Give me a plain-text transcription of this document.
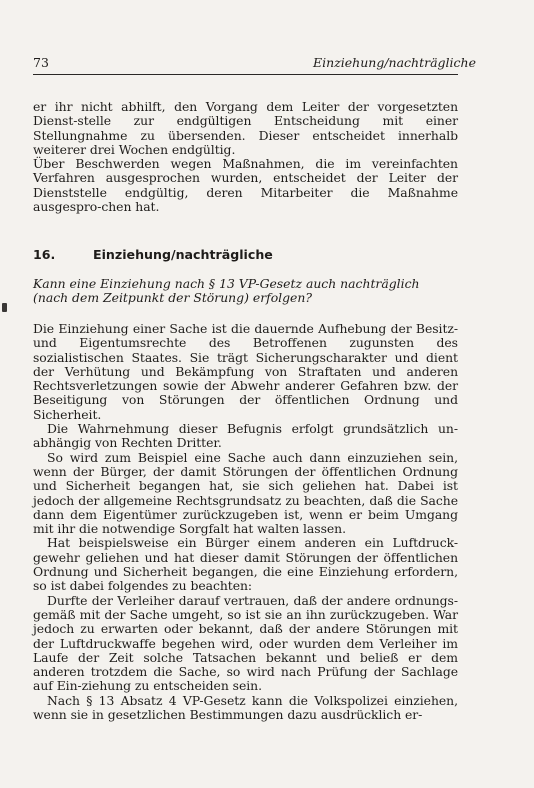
73	Einziehung/nachträgliche

er ihr nicht abhilft, den Vorgang dem Leiter der vorgesetzten Dienst-stelle zur endgültigen Entscheidung mit einer Stellungnahme zu übersenden. Dieser entscheidet innerhalb weiterer drei Wochen endgültig.

Über Beschwerden wegen Maßnahmen, die im vereinfachten Verfahren ausgesprochen wurden, entscheidet der Leiter der Dienststelle endgültig, deren Mitarbeiter die Maßnahme ausgespro-chen hat.

16.	Einziehung/nachträgliche
Kann eine Einziehung nach § 13 VP-Gesetz auch nachträglich (nach dem Zeitpunkt der Störung) erfolgen?

Die Einziehung einer Sache ist die dauernde Aufhebung der Besitz- und Eigentumsrechte des Betroffenen zugunsten des sozialistischen Staates. Sie trägt Sicherungscharakter und dient der Verhütung und Bekämpfung von Straftaten und anderen Rechtsverletzungen sowie der Abwehr anderer Gefahren bzw. der Beseitigung von Störungen der öffentlichen Ordnung und Sicherheit.

Die Wahrnehmung dieser Befugnis erfolgt grundsätzlich un-abhängig von Rechten Dritter.

So wird zum Beispiel eine Sache auch dann einzuziehen sein, wenn der Bürger, der damit Störungen der öffentlichen Ordnung und Sicherheit begangen hat, sie sich geliehen hat. Dabei ist jedoch der allgemeine Rechtsgrundsatz zu beachten, daß die Sache dann dem Eigentümer zurückzugeben ist, wenn er beim Umgang mit ihr die notwendige Sorgfalt hat walten lassen.

Hat beispielsweise ein Bürger einem anderen ein Luftdruck-gewehr geliehen und hat dieser damit Störungen der öffentlichen Ordnung und Sicherheit begangen, die eine Einziehung erfordern, so ist dabei folgendes zu beachten:

Durfte der Verleiher darauf vertrauen, daß der andere ordnungs-gemäß mit der Sache umgeht, so ist sie an ihn zurückzugeben. War jedoch zu erwarten oder bekannt, daß der andere Störungen mit der Luftdruckwaffe begehen wird, oder wurden dem Verleiher im Laufe der Zeit solche Tatsachen bekannt und beließ er dem anderen trotzdem die Sache, so wird nach Prüfung der Sachlage auf Ein-ziehung zu entscheiden sein.

Nach § 13 Absatz 4 VP-Gesetz kann die Volkspolizei einziehen, wenn sie in gesetzlichen Bestimmungen dazu ausdrücklich er-
